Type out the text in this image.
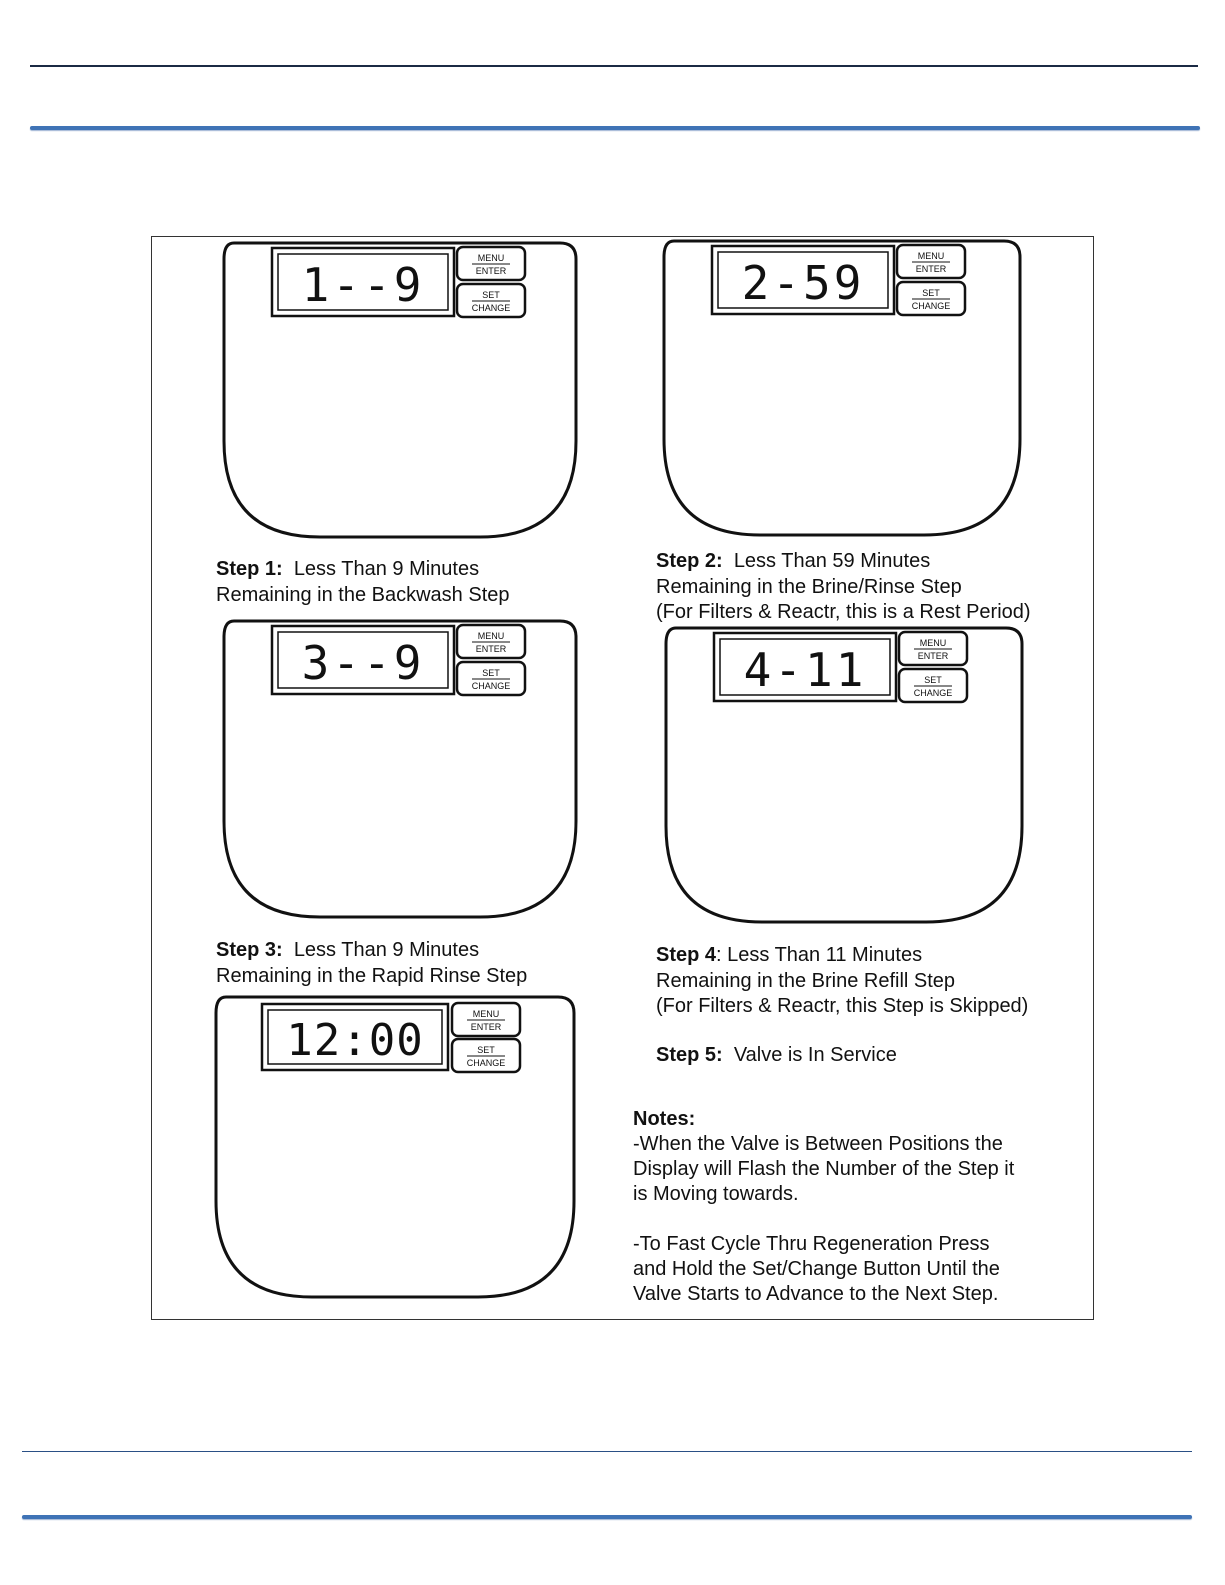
1--9	MENU
ENTER
SET
CHANGE	2-59	MENU
ENTER
SET
CHANGE
3--9	MENU
ENTER
SET
CHANGE	4-11	MENU
ENTER
SET
CHANGE
12:00
MENU
ENTER
SET
CHANGE
Step 1: Less Than 9 Minutes
Remaining in the Backwash Step
Step 2: Less Than 59 Minutes
Remaining in the Brine/Rinse Step
(For Filters & Reactr, this is a Rest Period)
Step 3: Less Than 9 Minutes
Remaining in the Rapid Rinse Step
Step 4: Less Than 11 Minutes
Remaining in the Brine Refill Step
(For Filters & Reactr, this Step is Skipped)
Step 5: Valve is In Service
Notes:
-When the Valve is Between Positions the
Display will Flash the Number of the Step it
is Moving towards.
-To Fast Cycle Thru Regeneration Press
and Hold the Set/Change Button Until the
Valve Starts to Advance to the Next Step.
